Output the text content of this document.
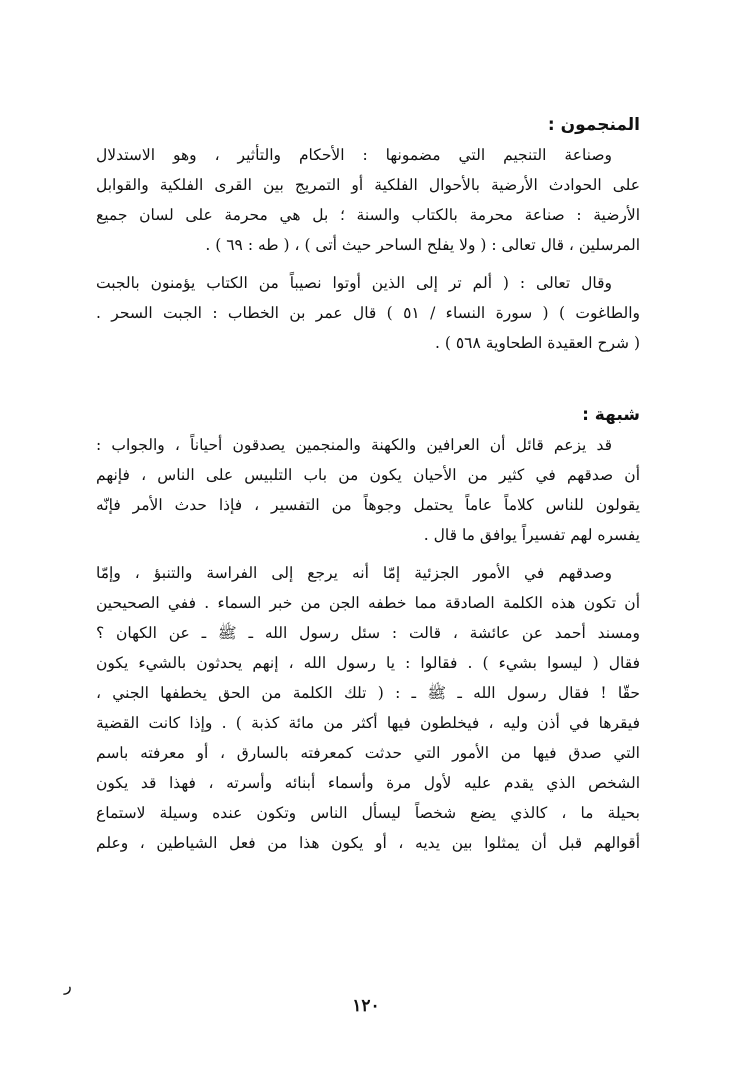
المنجمون :

وصناعة التنجيم التي مضمونها : الأحكام والتأثير ، وهو الاستدلال
على الحوادث الأرضية بالأحوال الفلكية أو التمريج بين القرى الفلكية والقوابل
الأرضية : صناعة محرمة بالكتاب والسنة ؛ بل هي محرمة على لسان جميع
المرسلين ، قال تعالى : ( ولا يفلح الساحر حيث أتى ) ، ( طه : ٦٩ ) .
وقال تعالى : ( ألم تر إلى الذين أوتوا نصيباً من الكتاب يؤمنون بالجبت
والطاغوت ) ( سورة النساء / ٥١ ) قال عمر بن الخطاب : الجبت السحر .
( شرح العقيدة الطحاوية ٥٦٨ ) .

شبهة :

قد يزعم قائل أن العرافين والكهنة والمنجمين يصدقون أحياناً ، والجواب :
أن صدقهم في كثير من الأحيان يكون من باب التلبيس على الناس ، فإنهم
يقولون للناس كلاماً عاماً يحتمل وجوهاً من التفسير ، فإذا حدث الأمر فإنّه
يفسره لهم تفسيراً يوافق ما قال .
وصدقهم في الأمور الجزئية إمّا أنه يرجع إلى الفراسة والتنبؤ ، وإمّا
أن تكون هذه الكلمة الصادقة مما خطفه الجن من خبر السماء . ففي الصحيحين
ومسند أحمد عن عائشة ، قالت : سئل رسول الله ـ ﷺ ـ عن الكهان ؟
فقال ( ليسوا بشيء ) . فقالوا : يا رسول الله ، إنهم يحدثون بالشيء يكون
حقّا ! فقال رسول الله ـ ﷺ ـ : ( تلك الكلمة من الحق يخطفها الجني ،
فيقرها في أذن وليه ، فيخلطون فيها أكثر من مائة كذبة ) . وإذا كانت القضية
التي صدق فيها من الأمور التي حدثت كمعرفته بالسارق ، أو معرفته باسم
الشخص الذي يقدم عليه لأول مرة وأسماء أبنائه وأسرته ، فهذا قد يكون
بحيلة ما ، كالذي يضع شخصاً ليسأل الناس وتكون عنده وسيلة لاستماع
أقوالهم قبل أن يمثلوا بين يديه ، أو يكون هذا من فعل الشياطين ، وعلم
ر
١٢٠
